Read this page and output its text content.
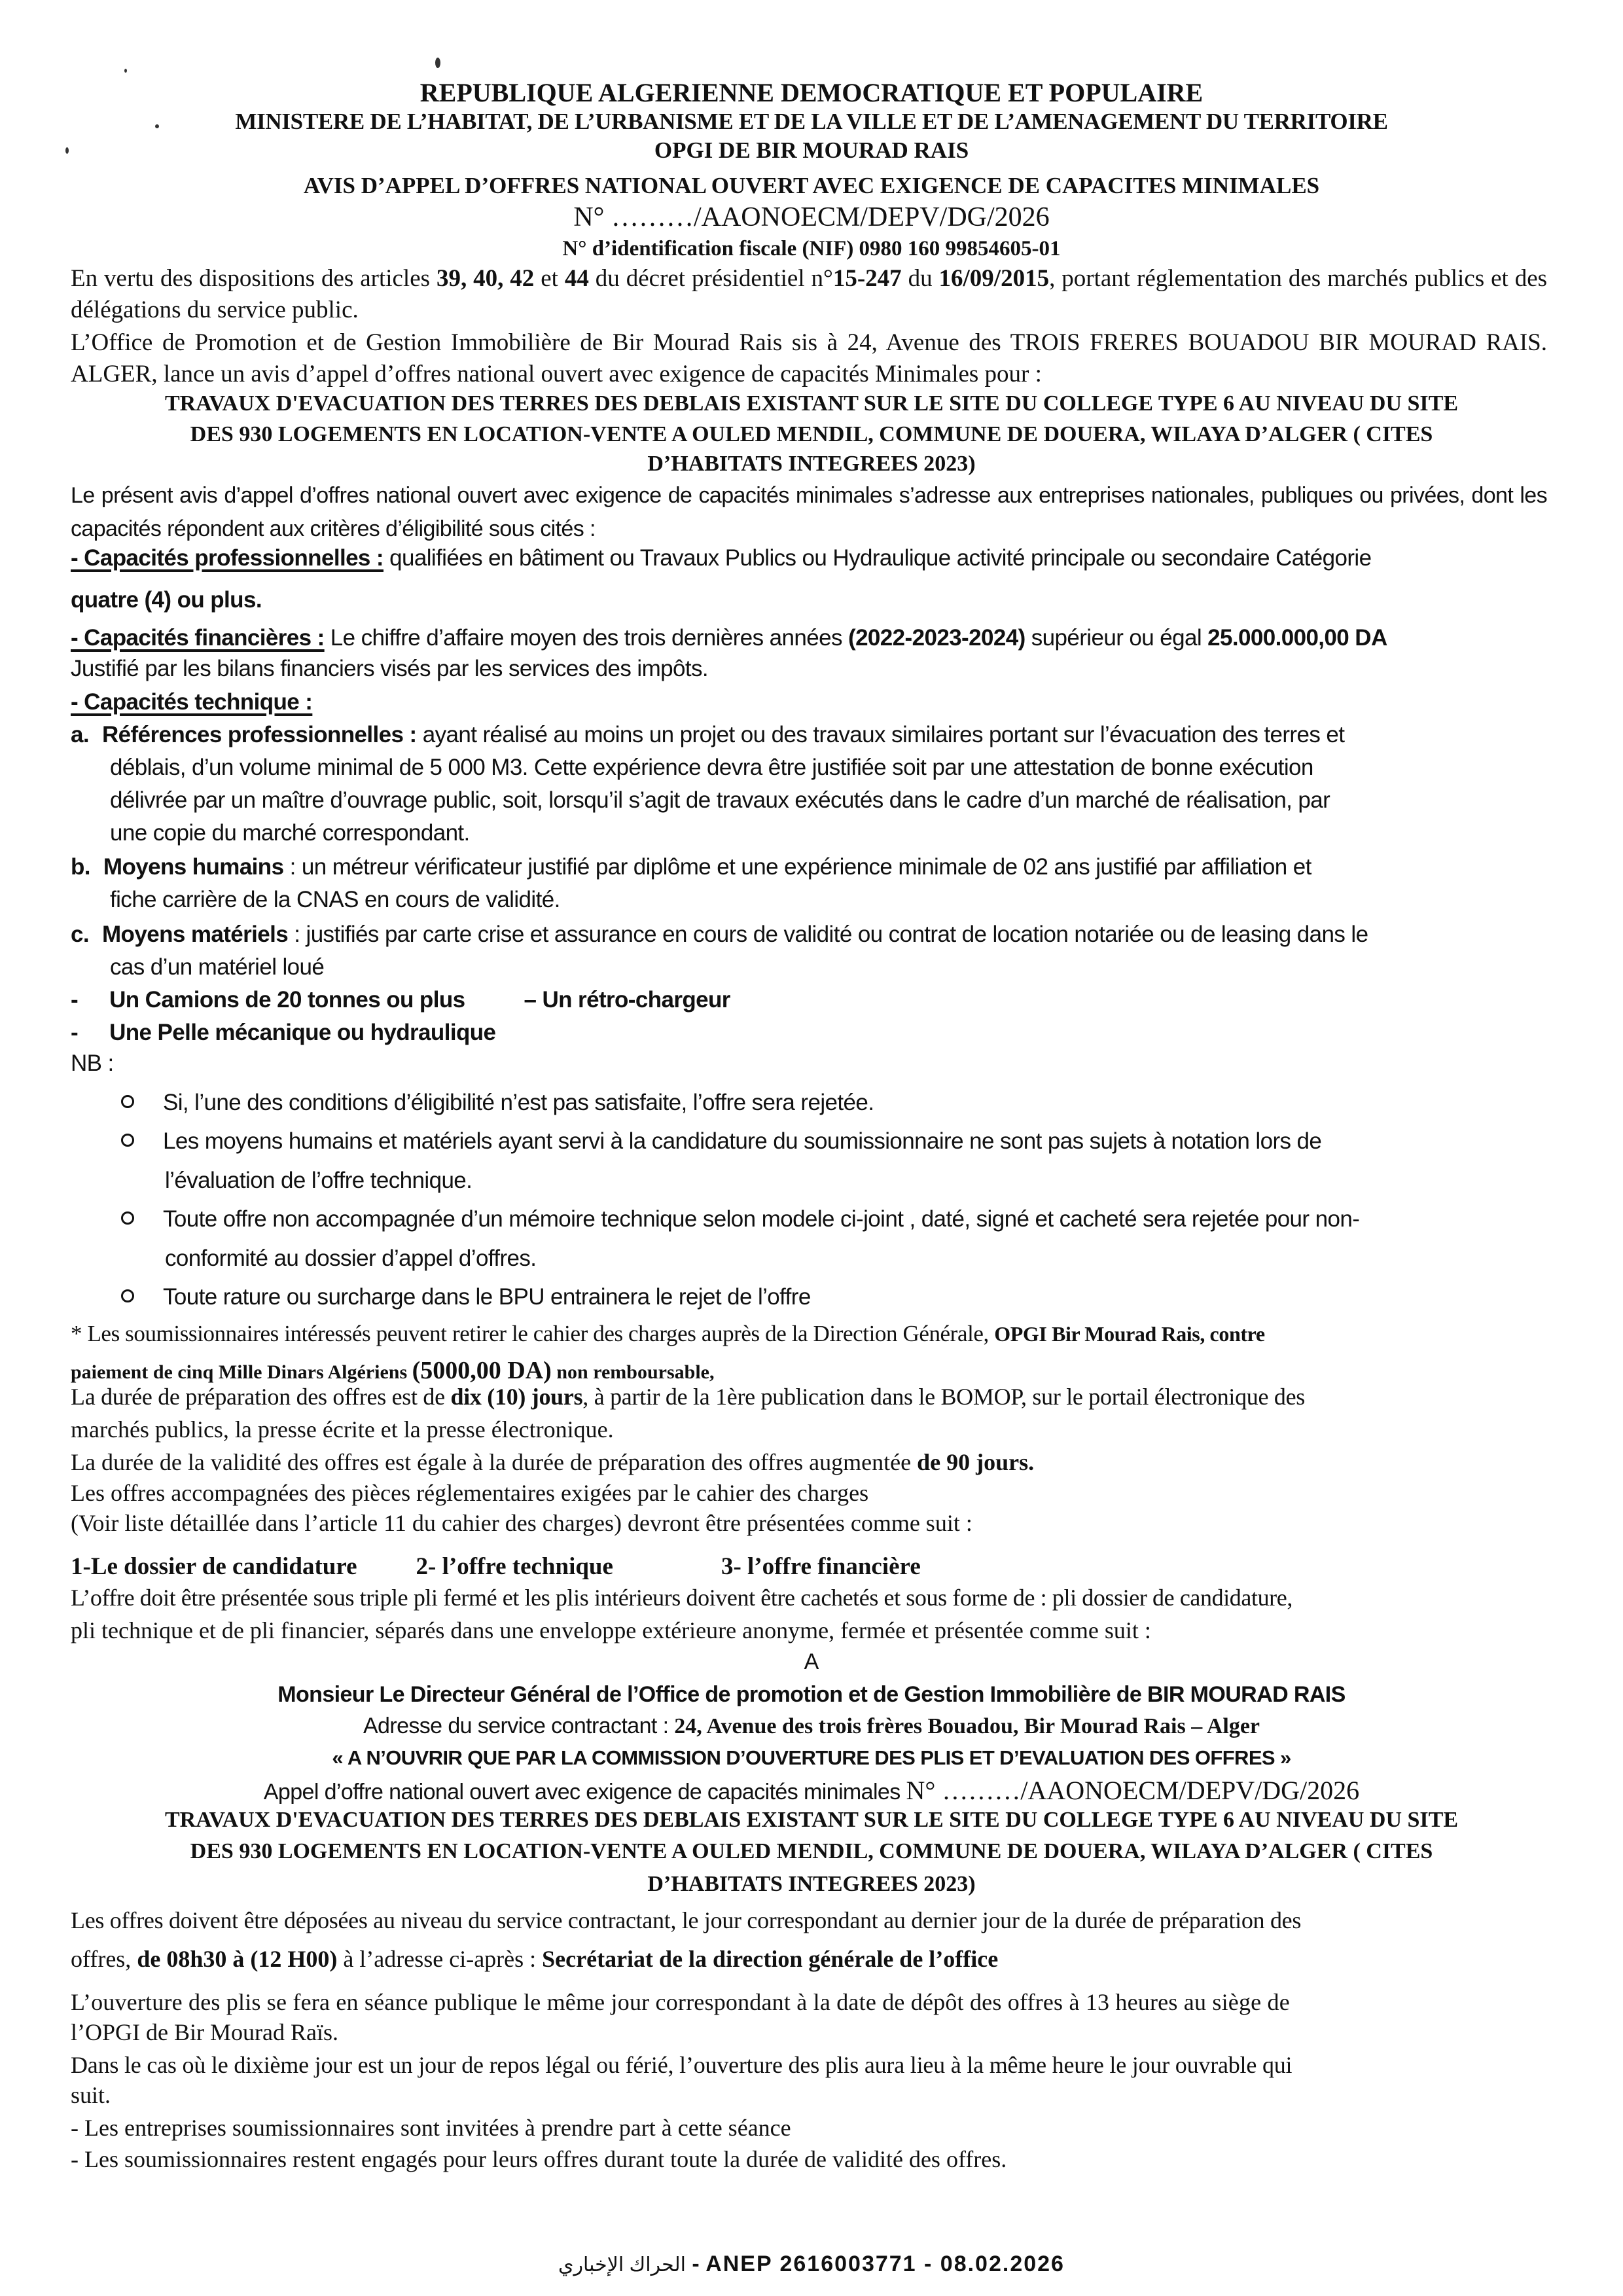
REPUBLIQUE ALGERIENNE DEMOCRATIQUE ET POPULAIRE
MINISTERE DE L’HABITAT, DE L’URBANISME ET DE LA VILLE ET DE L’AMENAGEMENT DU TERRITOIRE
OPGI DE BIR MOURAD RAIS
AVIS D’APPEL D’OFFRES NATIONAL OUVERT AVEC EXIGENCE DE CAPACITES MINIMALES
N° ………/AAONOECM/DEPV/DG/2026
N° d’identification fiscale (NIF) 0980 160 99854605-01
En vertu des dispositions des articles 39, 40, 42 et 44 du décret présidentiel n°15-247 du 16/09/2015, portant réglementation des marchés publics et des délégations du service public.
L’Office de Promotion et de Gestion Immobilière de Bir Mourad Rais sis à 24, Avenue des TROIS FRERES BOUADOU BIR MOURAD RAIS. ALGER, lance un avis d’appel d’offres national ouvert avec exigence de capacités Minimales pour :
TRAVAUX D'EVACUATION DES TERRES DES DEBLAIS EXISTANT SUR LE SITE DU COLLEGE TYPE 6 AU NIVEAU DU SITE
DES 930 LOGEMENTS EN LOCATION-VENTE A OULED MENDIL, COMMUNE DE DOUERA, WILAYA D’ALGER ( CITES
D’HABITATS INTEGREES 2023)
Le présent avis d’appel d’offres national ouvert avec exigence de capacités minimales s’adresse aux entreprises nationales, publiques ou privées, dont les capacités répondent aux critères d’éligibilité sous cités :
- Capacités professionnelles : qualifiées en bâtiment ou Travaux Publics ou Hydraulique activité principale ou secondaire Catégorie
quatre (4) ou plus.
- Capacités financières : Le chiffre d’affaire moyen des trois dernières années (2022-2023-2024) supérieur ou égal 25.000.000,00 DA
Justifié par les bilans financiers visés par les services des impôts.
- Capacités technique :
a. Références professionnelles : ayant réalisé au moins un projet ou des travaux similaires portant sur l’évacuation des terres et
déblais, d’un volume minimal de 5 000 M3. Cette expérience devra être justifiée soit par une attestation de bonne exécution
délivrée par un maître d’ouvrage public, soit, lorsqu’il s’agit de travaux exécutés dans le cadre d’un marché de réalisation, par
une copie du marché correspondant.
b. Moyens humains : un métreur vérificateur justifié par diplôme et une expérience minimale de 02 ans justifié par affiliation et
fiche carrière de la CNAS en cours de validité.
c. Moyens matériels : justifiés par carte crise et assurance en cours de validité ou contrat de location notariée ou de leasing dans le
cas d’un matériel loué
- Un Camions de 20 tonnes ou plus	– Un rétro-chargeur
- Une Pelle mécanique ou hydraulique
NB :
Si, l’une des conditions d’éligibilité n’est pas satisfaite, l’offre sera rejetée.
Les moyens humains et matériels ayant servi à la candidature du soumissionnaire ne sont pas sujets à notation lors de
l’évaluation de l’offre technique.
Toute offre non accompagnée d’un mémoire technique selon modele ci-joint , daté, signé et cacheté sera rejetée pour non-
conformité au dossier d’appel d’offres.
Toute rature ou surcharge dans le BPU entrainera le rejet de l’offre
* Les soumissionnaires intéressés peuvent retirer le cahier des charges auprès de la Direction Générale, OPGI Bir Mourad Rais, contre
paiement de cinq Mille Dinars Algériens (5000,00 DA) non remboursable,
La durée de préparation des offres est de dix (10) jours, à partir de la 1ère publication dans le BOMOP, sur le portail électronique des
marchés publics, la presse écrite et la presse électronique.
La durée de la validité des offres est égale à la durée de préparation des offres augmentée de 90 jours.
Les offres accompagnées des pièces réglementaires exigées par le cahier des charges
(Voir liste détaillée dans l’article 11 du cahier des charges) devront être présentées comme suit :
1-Le dossier de candidature 2- l’offre technique	3- l’offre financière
L’offre doit être présentée sous triple pli fermé et les plis intérieurs doivent être cachetés et sous forme de : pli dossier de candidature,
pli technique et de pli financier, séparés dans une enveloppe extérieure anonyme, fermée et présentée comme suit :
A
Monsieur Le Directeur Général de l’Office de promotion et de Gestion Immobilière de BIR MOURAD RAIS
Adresse du service contractant : 24, Avenue des trois frères Bouadou, Bir Mourad Rais – Alger
« A N’OUVRIR QUE PAR LA COMMISSION D’OUVERTURE DES PLIS ET D’EVALUATION DES OFFRES »
Appel d’offre national ouvert avec exigence de capacités minimales N° ………/AAONOECM/DEPV/DG/2026
TRAVAUX D'EVACUATION DES TERRES DES DEBLAIS EXISTANT SUR LE SITE DU COLLEGE TYPE 6 AU NIVEAU DU SITE
DES 930 LOGEMENTS EN LOCATION-VENTE A OULED MENDIL, COMMUNE DE DOUERA, WILAYA D’ALGER ( CITES
D’HABITATS INTEGREES 2023)
Les offres doivent être déposées au niveau du service contractant, le jour correspondant au dernier jour de la durée de préparation des
offres, de 08h30 à (12 H00) à l’adresse ci-après : Secrétariat de la direction générale de l’office
L’ouverture des plis se fera en séance publique le même jour correspondant à la date de dépôt des offres à 13 heures au siège de
l’OPGI de Bir Mourad Raïs.
Dans le cas où le dixième jour est un jour de repos légal ou férié, l’ouverture des plis aura lieu à la même heure le jour ouvrable qui
suit.
- Les entreprises soumissionnaires sont invitées à prendre part à cette séance
- Les soumissionnaires restent engagés pour leurs offres durant toute la durée de validité des offres.
الحراك الإخباري - ANEP 2616003771 - 08.02.2026
